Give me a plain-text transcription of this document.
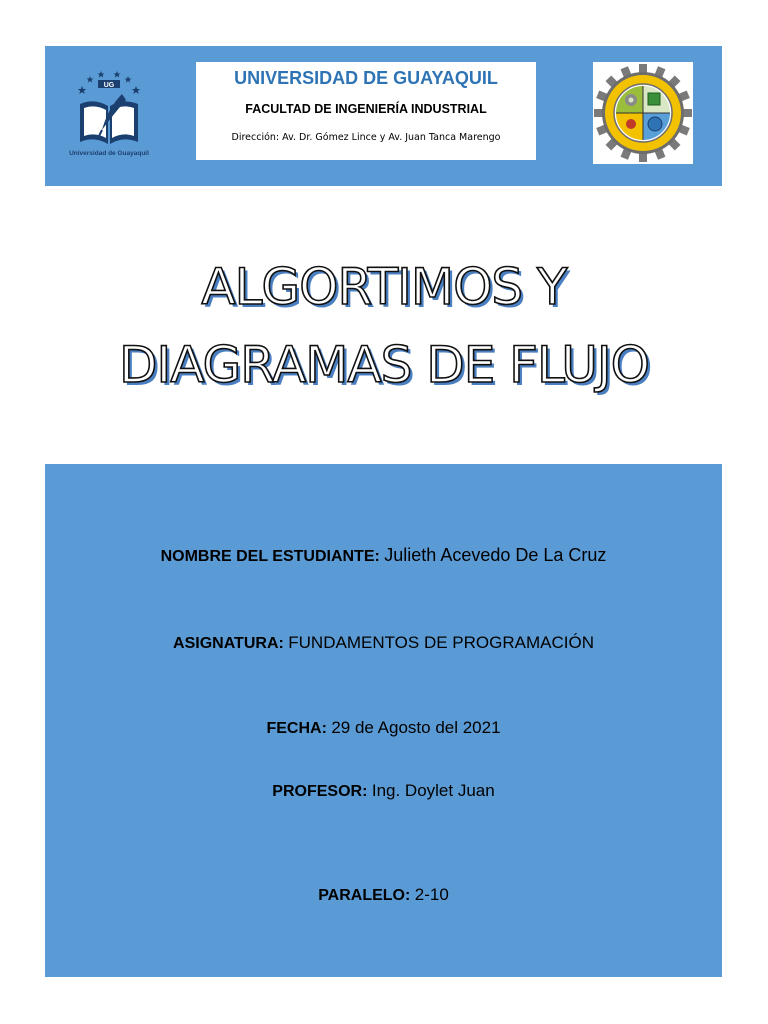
UG
Universidad de Guayaquil
UNIVERSIDAD DE GUAYAQUIL
FACULTAD DE INGENIERÍA INDUSTRIAL
Dirección: Av. Dr. Gómez Lince y Av. Juan Tanca Marengo
ALGORTIMOS Y
DIAGRAMAS DE FLUJO
NOMBRE DEL ESTUDIANTE: Julieth Acevedo De La Cruz
ASIGNATURA: FUNDAMENTOS DE PROGRAMACIÓN
FECHA: 29 de Agosto del 2021
PROFESOR: Ing. Doylet Juan
PARALELO: 2-10
